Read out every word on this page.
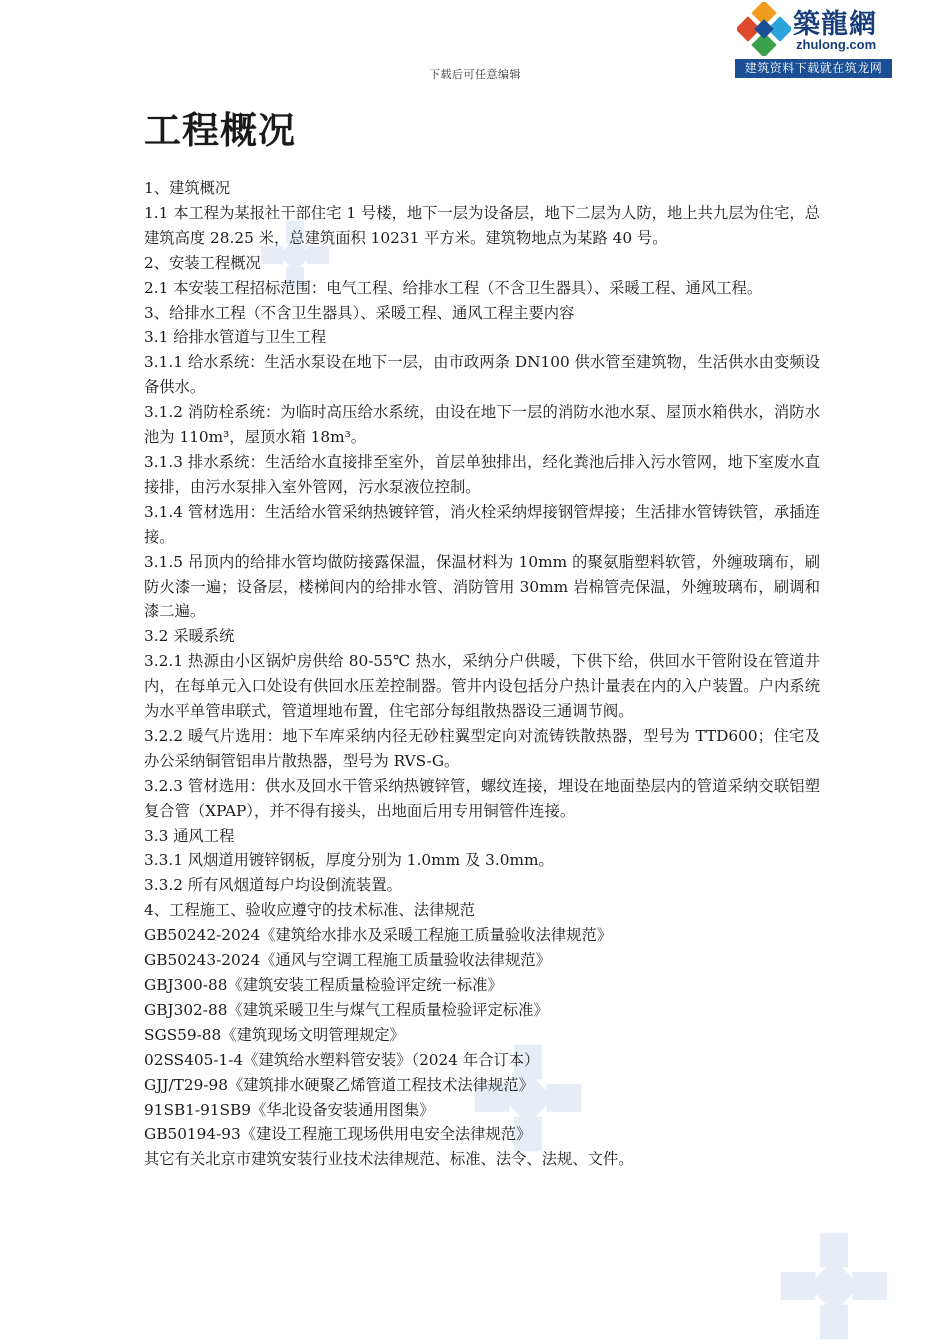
下载后可任意编辑
築龍網
zhulong.com
建筑资料下载就在筑龙网
工程概况

1、建筑概况

1.1 本工程为某报社干部住宅 1 号楼，地下一层为设备层，地下二层为人防，地上共九层为住宅，总建筑高度 28.25 米，总建筑面积 10231 平方米。建筑物地点为某路 40 号。

2、安装工程概况

2.1 本安装工程招标范围：电气工程、给排水工程（不含卫生器具）、采暖工程、通风工程。

3、给排水工程（不含卫生器具）、采暖工程、通风工程主要内容

3.1 给排水管道与卫生工程

3.1.1 给水系统：生活水泵设在地下一层，由市政两条 DN100 供水管至建筑物，生活供水由变频设备供水。

3.1.2 消防栓系统：为临时高压给水系统，由设在地下一层的消防水池水泵、屋顶水箱供水，消防水池为 110m³，屋顶水箱 18m³。

3.1.3 排水系统：生活给水直接排至室外，首层单独排出，经化粪池后排入污水管网，地下室废水直接排，由污水泵排入室外管网，污水泵液位控制。

3.1.4 管材选用：生活给水管采纳热镀锌管，消火栓采纳焊接钢管焊接；生活排水管铸铁管，承插连接。

3.1.5 吊顶内的给排水管均做防接露保温，保温材料为 10mm 的聚氨脂塑料软管，外缠玻璃布，刷防火漆一遍；设备层，楼梯间内的给排水管、消防管用 30mm 岩棉管壳保温，外缠玻璃布，刷调和漆二遍。

3.2 采暖系统

3.2.1 热源由小区锅炉房供给 80-55℃ 热水，采纳分户供暖，下供下给，供回水干管附设在管道井内，在每单元入口处设有供回水压差控制器。管井内设包括分户热计量表在内的入户装置。户内系统为水平单管串联式，管道埋地布置，住宅部分每组散热器设三通调节阀。

3.2.2 暖气片选用：地下车库采纳内径无砂柱翼型定向对流铸铁散热器，型号为 TTD600；住宅及办公采纳铜管铝串片散热器，型号为 RVS-G。

3.2.3 管材选用：供水及回水干管采纳热镀锌管，螺纹连接，埋设在地面垫层内的管道采纳交联铝塑复合管（XPAP），并不得有接头，出地面后用专用铜管件连接。

3.3 通风工程

3.3.1 风烟道用镀锌钢板，厚度分别为 1.0mm 及 3.0mm。

3.3.2 所有风烟道每户均设倒流装置。

4、工程施工、验收应遵守的技术标准、法律规范

GB50242-2024《建筑给水排水及采暖工程施工质量验收法律规范》

GB50243-2024《通风与空调工程施工质量验收法律规范》

GBJ300-88《建筑安装工程质量检验评定统一标准》

GBJ302-88《建筑采暖卫生与煤气工程质量检验评定标准》

SGS59-88《建筑现场文明管理规定》

02SS405-1-4《建筑给水塑料管安装》（2024 年合订本）

GJJ/T29-98《建筑排水硬聚乙烯管道工程技术法律规范》

91SB1-91SB9《华北设备安装通用图集》

GB50194-93《建设工程施工现场供用电安全法律规范》

其它有关北京市建筑安装行业技术法律规范、标准、法令、法规、文件。
